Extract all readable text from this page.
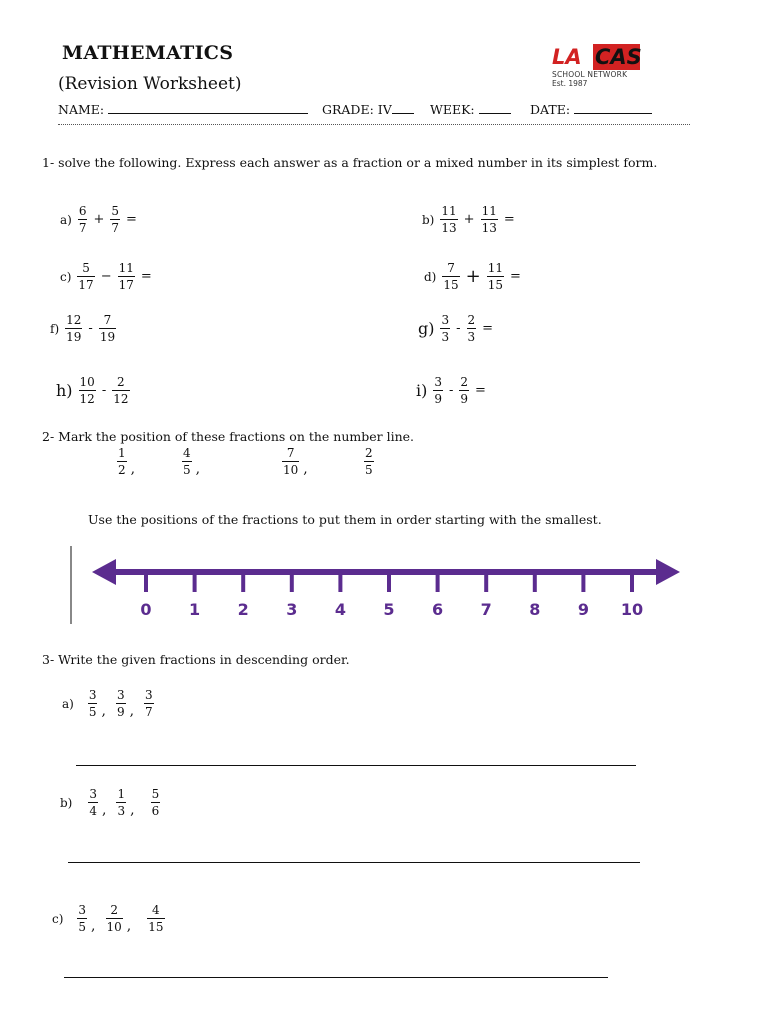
MATHEMATICS
(Revision Worksheet)
LA CAS
SCHOOL NETWORK
Est. 1987
NAME:	GRADE: IV	WEEK:	DATE:
1- solve the following. Express each answer as a fraction or a mixed number in its simplest form.
$a) \frac{6}{7} + \frac{5}{7}$ =	$b) \frac{11}{13} + \frac{11}{13}$ =
$c) \frac{5}{17} - \frac{11}{17}$ =	$d) \frac{7}{15} + \frac{11}{15}$ =
$f) \frac{12}{19} - \frac{7}{19}$	$g) \frac{3}{3} - \frac{2}{3}$ =
$h) \frac{10}{12} - \frac{2}{12}$	$i) \frac{3}{9} - \frac{2}{9}$ =
2- Mark the position of these fractions on the number line.
$\frac{1}{2}$ ,	$\frac{4}{5}$ ,	$\frac{7}{10}$ ,	$\frac{2}{5}$
Use the positions of the fractions to put them in order starting with the smallest.
0 1 2 3 4 5 6 7 8 9 10
3- Write the given fractions in descending order.
$a) \frac{3}{5}$ , $\frac{3}{9}$ , $\frac{3}{7}$
$b) \frac{3}{4}$ , $\frac{1}{3}$ , $\frac{5}{6}$
$c) \frac{3}{5}$ , $\frac{2}{10}$ , $\frac{4}{15}$
